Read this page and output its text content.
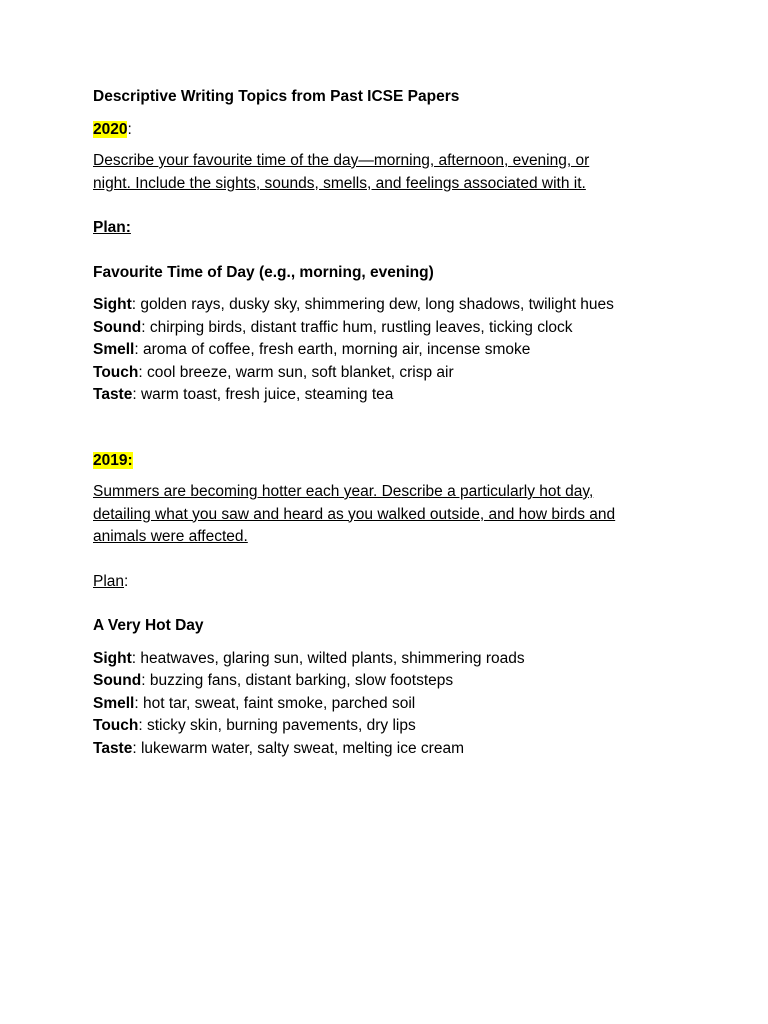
Descriptive Writing Topics from Past ICSE Papers

2020:

Describe your favourite time of the day—morning, afternoon, evening, or
night. Include the sights, sounds, smells, and feelings associated with it.

Plan:

Favourite Time of Day (e.g., morning, evening)

Sight: golden rays, dusky sky, shimmering dew, long shadows, twilight hues
Sound: chirping birds, distant traffic hum, rustling leaves, ticking clock
Smell: aroma of coffee, fresh earth, morning air, incense smoke
Touch: cool breeze, warm sun, soft blanket, crisp air
Taste: warm toast, fresh juice, steaming tea

2019:

Summers are becoming hotter each year. Describe a particularly hot day,
detailing what you saw and heard as you walked outside, and how birds and
animals were affected.

Plan:

A Very Hot Day

Sight: heatwaves, glaring sun, wilted plants, shimmering roads
Sound: buzzing fans, distant barking, slow footsteps
Smell: hot tar, sweat, faint smoke, parched soil
Touch: sticky skin, burning pavements, dry lips
Taste: lukewarm water, salty sweat, melting ice cream
